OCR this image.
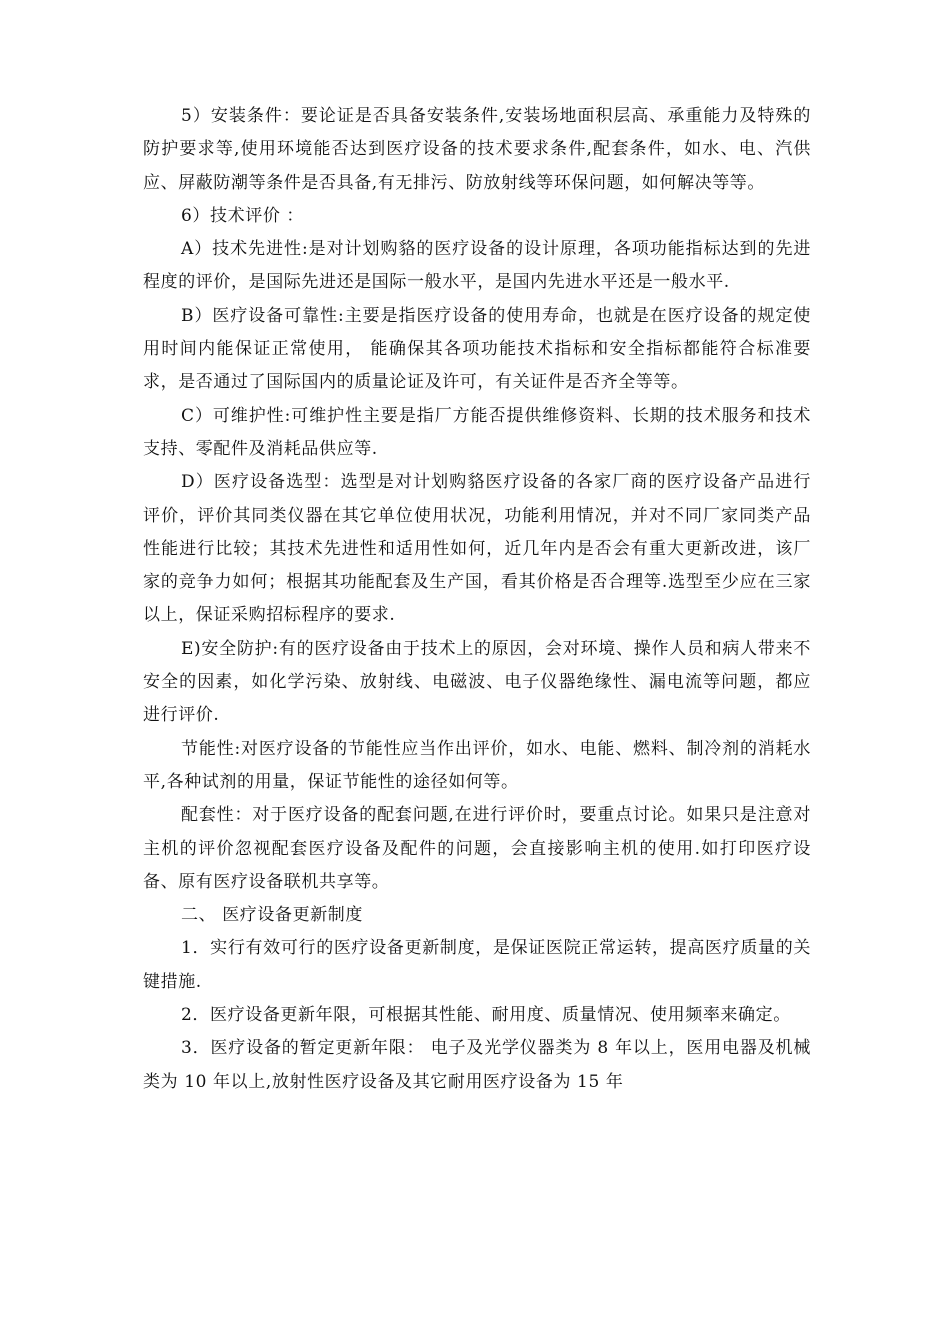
5）安装条件：要论证是否具备安装条件,安装场地面积层高、承重能力及特殊的防护要求等,使用环境能否达到医疗设备的技术要求条件,配套条件，如水、电、汽供应、屏蔽防潮等条件是否具备,有无排污、防放射线等环保问题，如何解决等等。

6）技术评价 ：

A）技术先进性:是对计划购貉的医疗设备的设计原理，各项功能指标达到的先进程度的评价，是国际先进还是国际一般水平，是国内先进水平还是一般水平.

B）医疗设备可靠性:主要是指医疗设备的使用寿命，也就是在医疗设备的规定使用时间内能保证正常使用， 能确保其各项功能技术指标和安全指标都能符合标准要求，是否通过了国际国内的质量论证及许可，有关证件是否齐全等等。

C）可维护性:可维护性主要是指厂方能否提供维修资料、长期的技术服务和技术支持、零配件及消耗品供应等.

D）医疗设备选型：选型是对计划购貉医疗设备的各家厂商的医疗设备产品进行评价，评价其同类仪器在其它单位使用状况，功能利用情况，并对不同厂家同类产品性能进行比较；其技术先进性和适用性如何，近几年内是否会有重大更新改进，该厂家的竞争力如何；根据其功能配套及生产国，看其价格是否合理等.选型至少应在三家以上，保证采购招标程序的要求.

E)安全防护:有的医疗设备由于技术上的原因，会对环境、操作人员和病人带来不安全的因素，如化学污染、放射线、电磁波、电子仪器绝缘性、漏电流等问题，都应进行评价.

节能性:对医疗设备的节能性应当作出评价，如水、电能、燃料、制冷剂的消耗水平,各种试剂的用量，保证节能性的途径如何等。

配套性：对于医疗设备的配套问题,在进行评价时，要重点讨论。如果只是注意对主机的评价忽视配套医疗设备及配件的问题，会直接影响主机的使用.如打印医疗设备、原有医疗设备联机共享等。

二、 医疗设备更新制度

1．实行有效可行的医疗设备更新制度，是保证医院正常运转，提高医疗质量的关键措施.

2．医疗设备更新年限，可根据其性能、耐用度、质量情况、使用频率来确定。

3．医疗设备的暂定更新年限： 电子及光学仪器类为 8 年以上，医用电器及机械类为 10 年以上,放射性医疗设备及其它耐用医疗设备为 15 年
